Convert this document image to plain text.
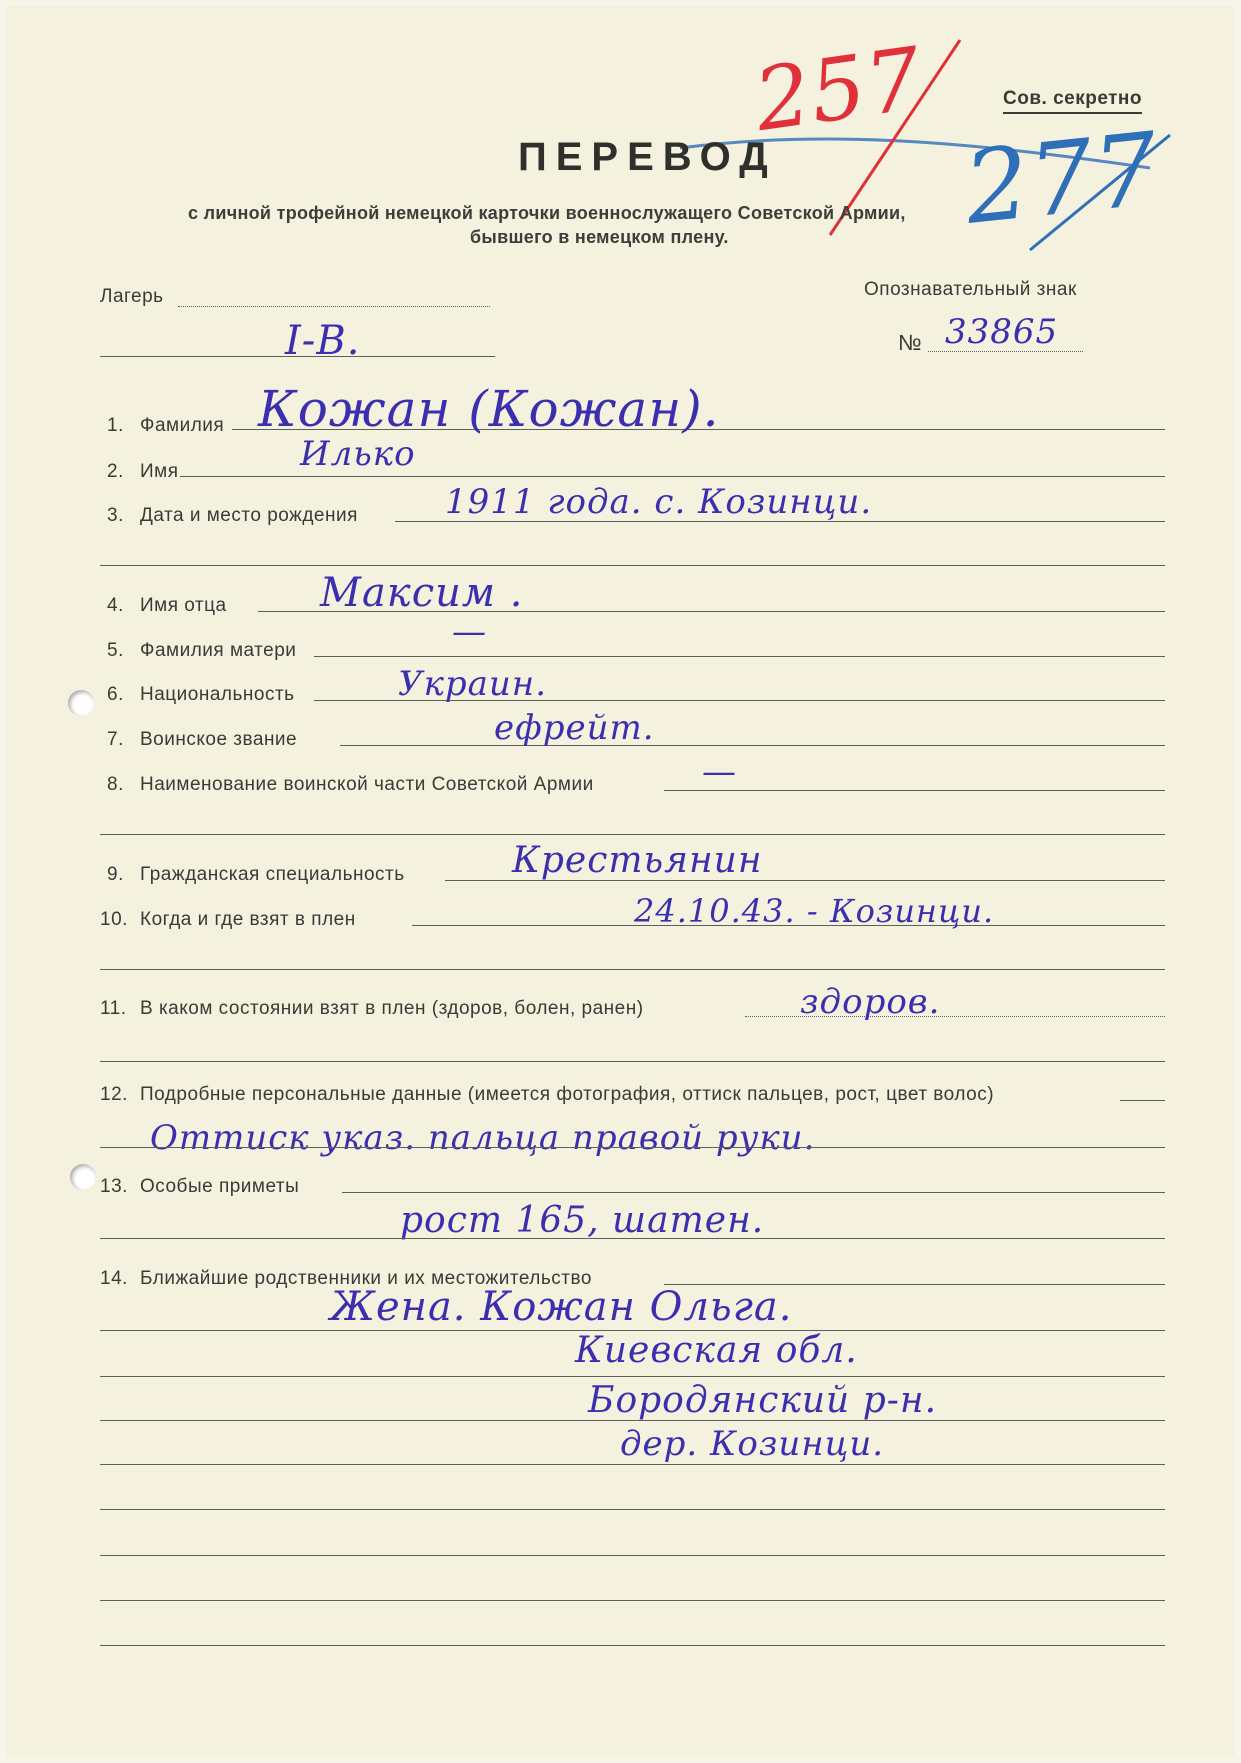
Сов. секретно
257
277
ПЕРЕВОД
с личной трофейной немецкой карточки военнослужащего Советской Армии,
бывшего в немецком плену.
Лагерь
I-B.
Опознавательный знак
№ 33865
1. Фамилия Кожан (Кожан).
2. Имя	Илько
3. Дата и место рождения	1911 года. с. Козинци.
4. Имя отца Максим .
5. Фамилия матери	—
6. Национальность	Украин.
7. Воинское звание	ефрейт.
8. Наименование воинской части Советской Армии	—
9. Гражданская специальность	Крестьянин
10. Когда и где взят в плен	24.10.43. - Козинци.
11. В каком состоянии взят в плен (здоров, болен, ранен)	здоров.
12. Подробные персональные данные (имеется фотография, оттиск пальцев, рост, цвет волос)
Оттиск указ. пальца правой руки.
13. Особые приметы
рост 165, шатен.
14. Ближайшие родственники и их местожительство
Жена. Кожан Ольга.
Киевская обл.
Бородянский р-н.
дер. Козинци.
